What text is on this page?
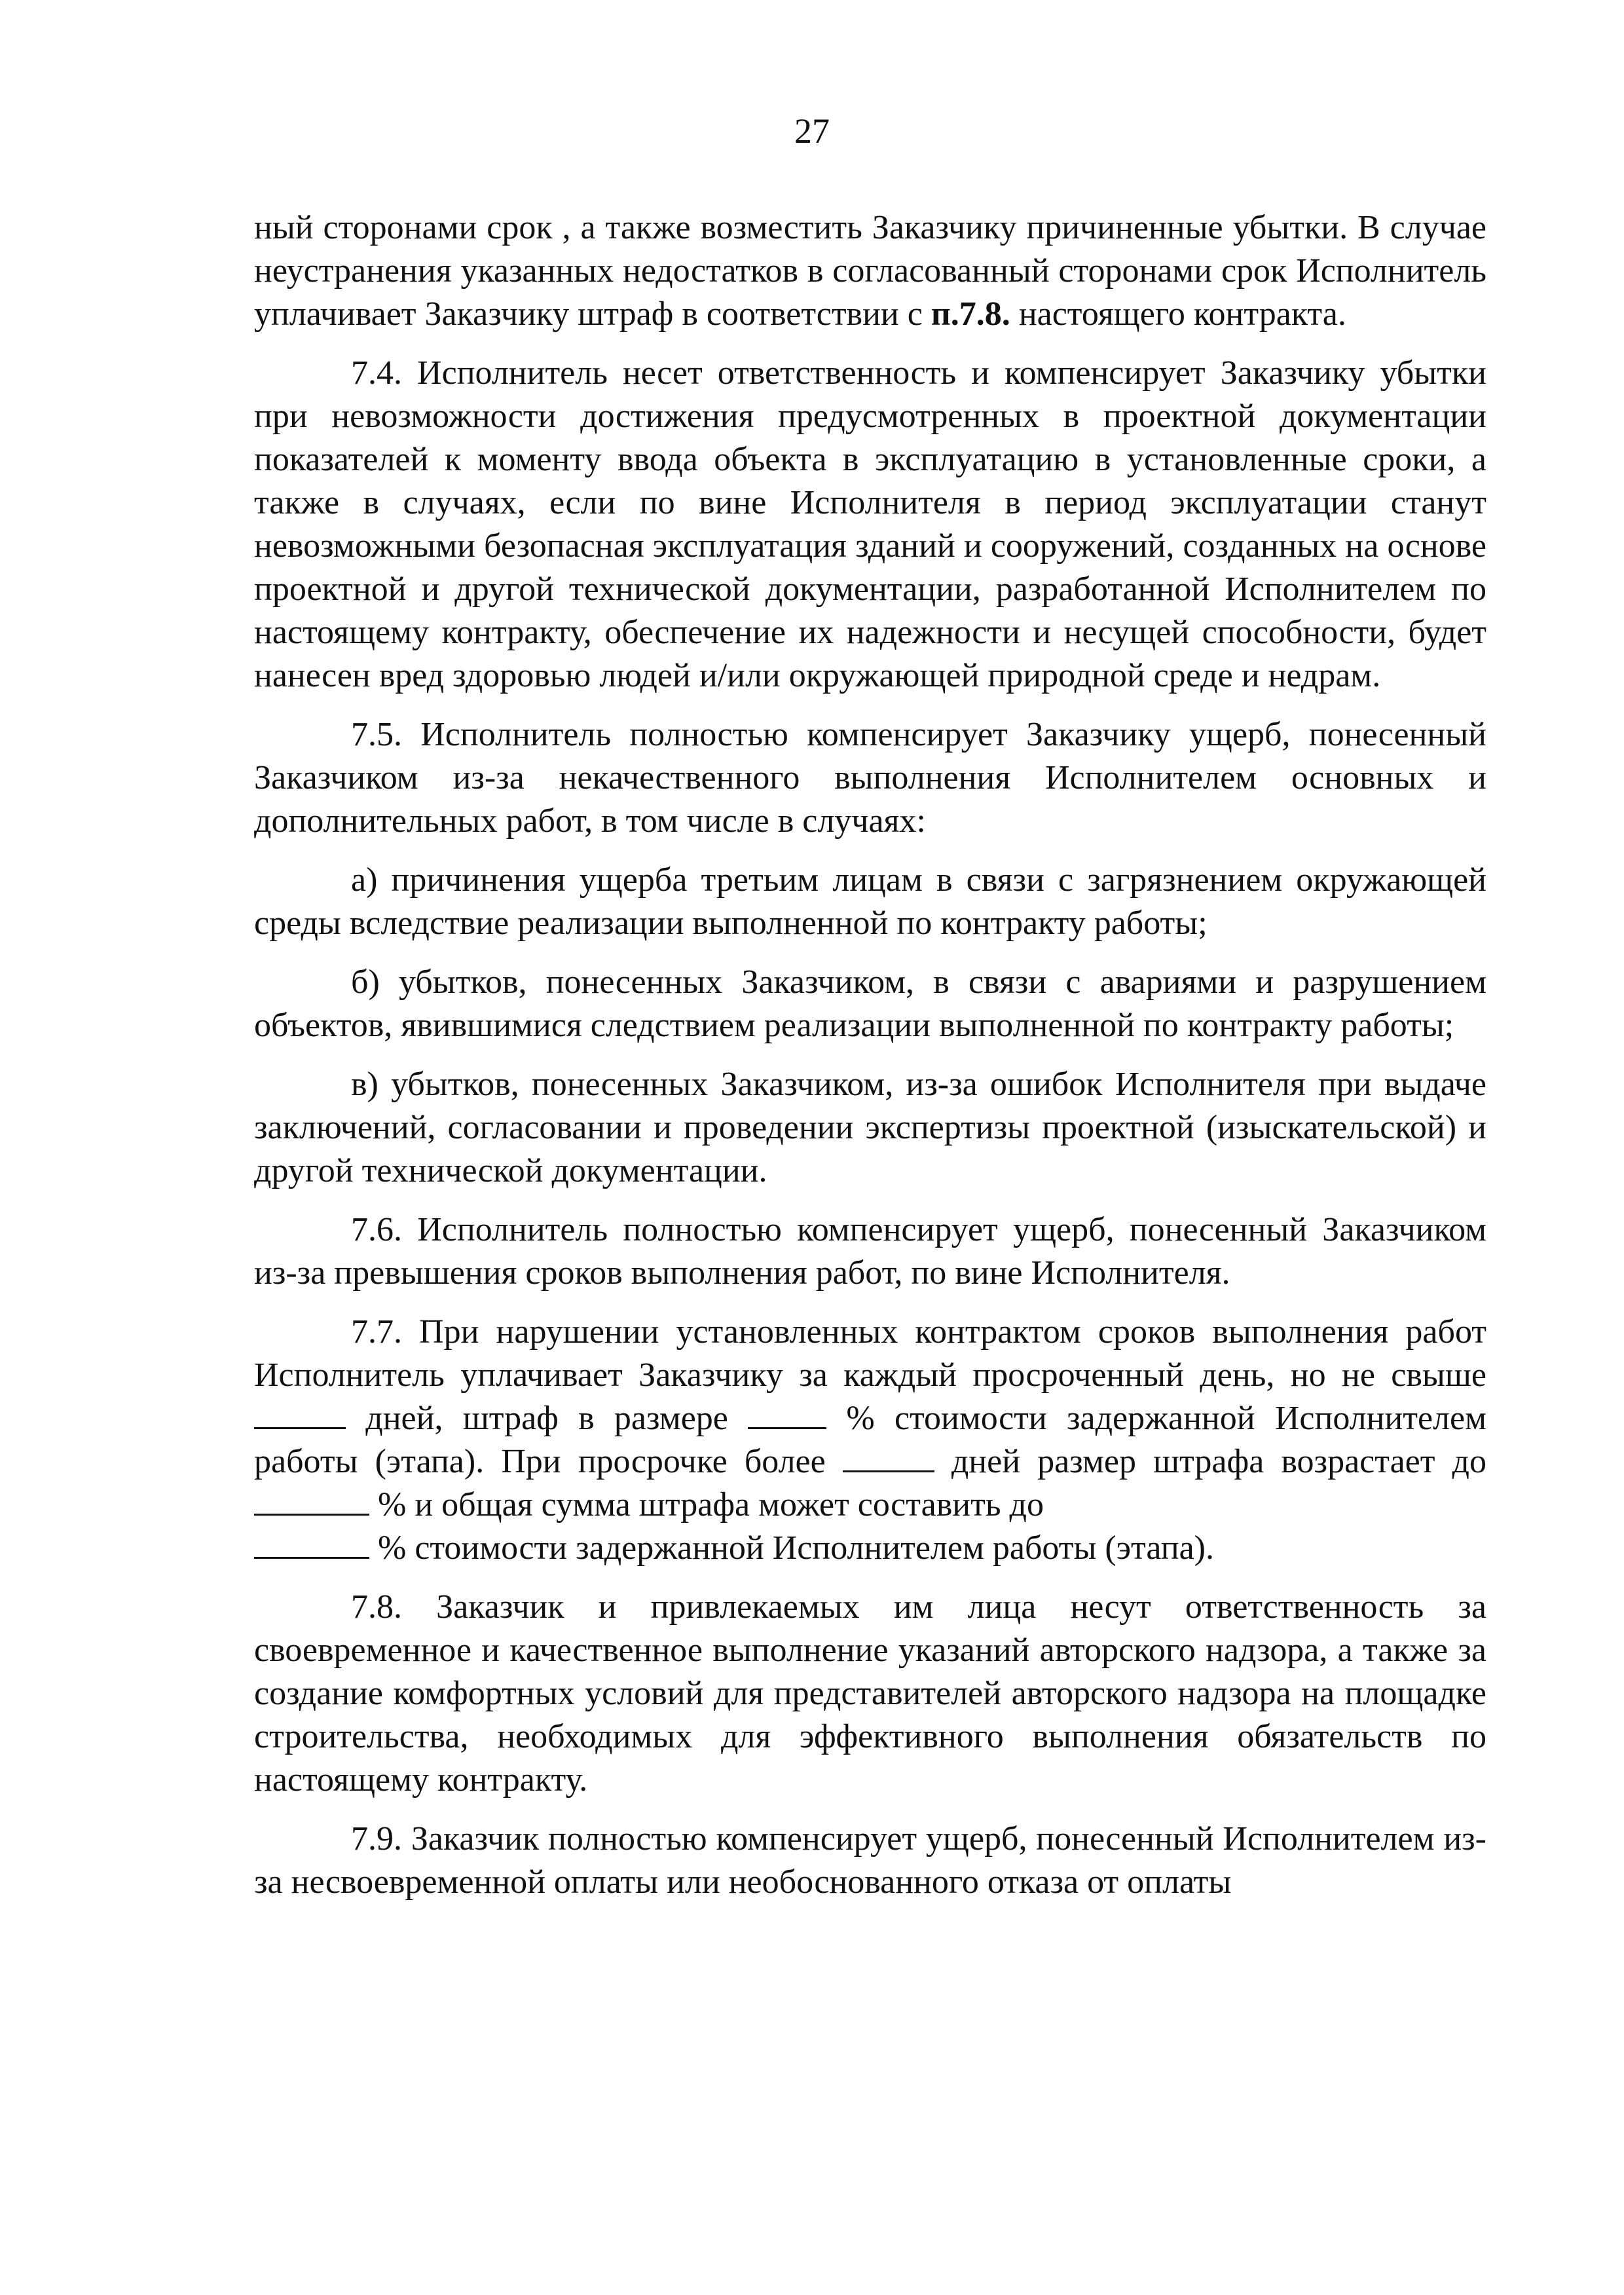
27

ный сторонами срок , а также возместить Заказчику причиненные убытки. В случае неустранения указанных недостатков в согласованный сторонами срок Исполнитель уплачивает Заказчику штраф в соответствии с п.7.8. настоящего контракта.

7.4. Исполнитель несет ответственность и компенсирует Заказчику убытки при невозможности достижения предусмотренных в проектной документации показателей к моменту ввода объекта в эксплуатацию в установленные сроки, а также в случаях, если по вине Исполнителя в период эксплуатации станут невозможными безопасная эксплуатация зданий и сооружений, созданных на основе проектной и другой технической документации, разработанной Исполнителем по настоящему контракту, обеспечение их надежности и несущей способности, будет нанесен вред здоровью людей и/или окружающей природной среде и недрам.

7.5. Исполнитель полностью компенсирует Заказчику ущерб, понесенный Заказчиком из-за некачественного выполнения Исполнителем основных и дополнительных работ, в том числе в случаях:

а) причинения ущерба третьим лицам в связи с загрязнением окружающей среды вследствие реализации выполненной по контракту работы;

б) убытков, понесенных Заказчиком, в связи с авариями и разрушением объектов, явившимися следствием реализации выполненной по контракту работы;

в) убытков, понесенных Заказчиком, из-за ошибок Исполнителя при выдаче заключений, согласовании и проведении экспертизы проектной (изыскательской) и другой технической документации.

7.6. Исполнитель полностью компенсирует ущерб, понесенный Заказчиком из-за превышения сроков выполнения работ, по вине Исполнителя.

7.7. При нарушении установленных контрактом сроков выполнения работ Исполнитель уплачивает Заказчику за каждый просроченный день, но не свыше  дней, штраф в размере  % стоимости задержанной Исполнителем работы (этапа). При просрочке более	дней размер штрафа возрастает до  % и общая сумма штрафа может составить до
% стоимости задержанной Исполнителем работы (этапа).

7.8. Заказчик и привлекаемых им лица несут ответственность за своевременное и качественное выполнение указаний авторского надзора, а также за создание комфортных условий для представителей авторского надзора на площадке строительства, необходимых для эффективного выполнения обязательств по настоящему контракту.

7.9. Заказчик полностью компенсирует ущерб, понесенный Исполнителем из-за несвоевременной оплаты или необоснованного отказа от оплаты
